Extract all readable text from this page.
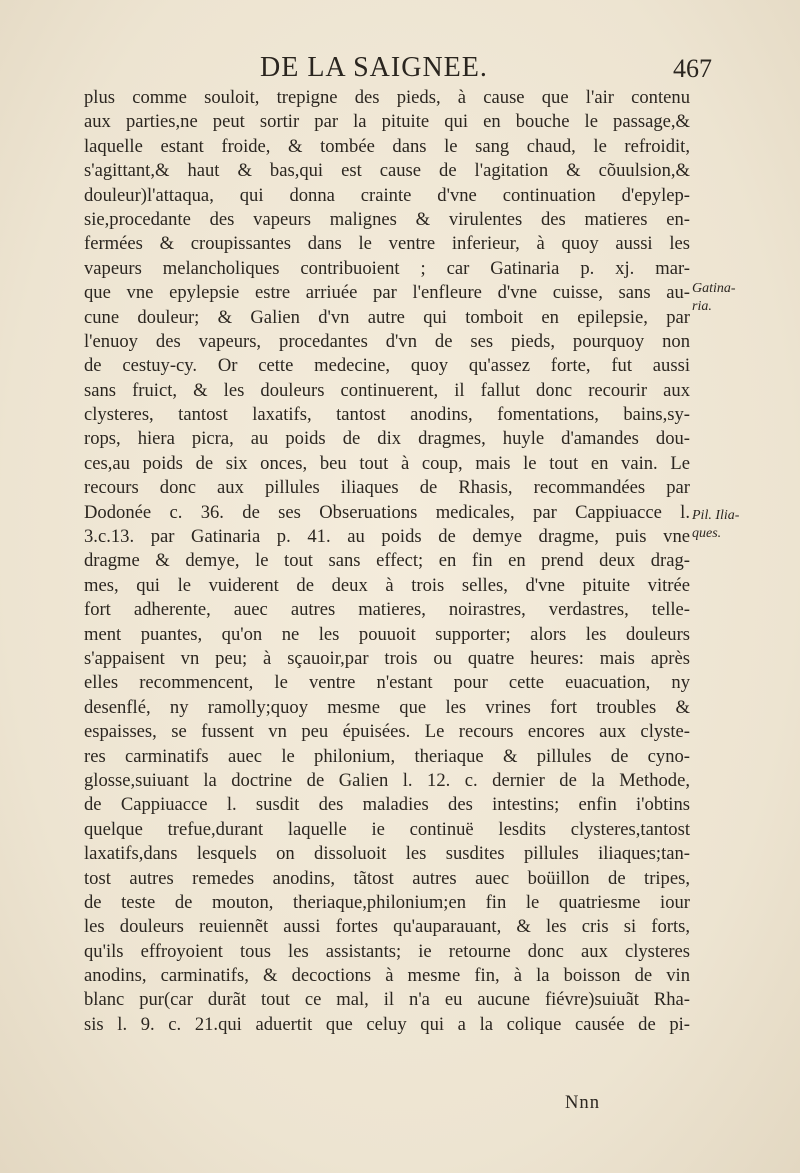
DE LA SAIGNEE.	467
plus comme souloit, trepigne des pieds, à cause que l'air contenu
aux parties,ne peut sortir par la pituite qui en bouche le passage,&
laquelle estant froide, & tombée dans le sang chaud, le refroidit,
s'agittant,& haut & bas,qui est cause de l'agitation & cõuulsion,&
douleur)l'attaqua, qui donna crainte d'vne continuation d'epylep-
sie,procedante des vapeurs malignes & virulentes des matieres en-
fermées & croupissantes dans le ventre inferieur, à quoy aussi les
vapeurs melancholiques contribuoient ; car Gatinaria p. xj. mar-
que vne epylepsie estre arriuée par l'enfleure d'vne cuisse, sans au-
cune douleur; & Galien d'vn autre qui tomboit en epilepsie, par
l'enuoy des vapeurs, procedantes d'vn de ses pieds, pourquoy non
de cestuy-cy. Or cette medecine, quoy qu'assez forte, fut aussi
sans fruict, & les douleurs continuerent, il fallut donc recourir aux
clysteres, tantost laxatifs, tantost anodins, fomentations, bains,sy-
rops, hiera picra, au poids de dix dragmes, huyle d'amandes dou-
ces,au poids de six onces, beu tout à coup, mais le tout en vain. Le
recours donc aux pillules iliaques de Rhasis, recommandées par
Dodonée c. 36. de ses Obseruations medicales, par Cappiuacce l.
3.c.13. par Gatinaria p. 41. au poids de demye dragme, puis vne
dragme & demye, le tout sans effect; en fin en prend deux drag-
mes, qui le vuiderent de deux à trois selles, d'vne pituite vitrée
fort adherente, auec autres matieres, noirastres, verdastres, telle-
ment puantes, qu'on ne les pouuoit supporter; alors les douleurs
s'appaisent vn peu; à sçauoir,par trois ou quatre heures: mais après
elles recommencent, le ventre n'estant pour cette euacuation, ny
desenflé, ny ramolly;quoy mesme que les vrines fort troubles &
espaisses, se fussent vn peu épuisées. Le recours encores aux clyste-
res carminatifs auec le philonium, theriaque & pillules de cyno-
glosse,suiuant la doctrine de Galien l. 12. c. dernier de la Methode,
de Cappiuacce l. susdit des maladies des intestins; enfin i'obtins
quelque trefue,durant laquelle ie continuë lesdits clysteres,tantost
laxatifs,dans lesquels on dissoluoit les susdites pillules iliaques;tan-
tost autres remedes anodins, tãtost autres auec boüillon de tripes,
de teste de mouton, theriaque,philonium;en fin le quatriesme iour
les douleurs reuiennẽt aussi fortes qu'auparauant, & les cris si forts,
qu'ils effroyoient tous les assistants; ie retourne donc aux clysteres
anodins, carminatifs, & decoctions à mesme fin, à la boisson de vin
blanc pur(car durãt tout ce mal, il n'a eu aucune fiévre)suiuãt Rha-
sis l. 9. c. 21.qui aduertit que celuy qui a la colique causée de pi-
Gatina-
ria.
Pil. Ilia-
ques.
Nnn
